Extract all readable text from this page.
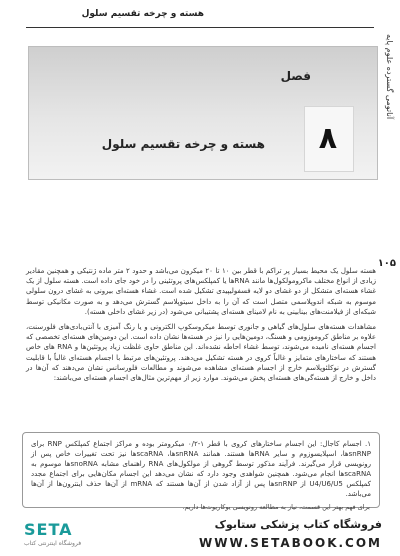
هسته و چرخه تقسیم سلول
آناتومی گسترده علوم پایه
۱۰۵
فصل
۸
هسته و چرخه تقسیم سلول

هسته سلول یک محیط بسیار پر تراکم با قطر بین ۱۰ تا ۲۰ میکرون می‌باشد و حدود ۲ متر ماده ژنتیکی و همچنین مقادیر زیادی از انواع مختلف ماکرومولکول‌ها مانند RNAها یا کمپلکس‌های پروتئینی را در خود جای داده است. هسته سلول از یک غشاء هسته‌ای متشکل از دو غشای دو لایه فسفولیپیدی تشکیل شده است. غشاء هسته‌ای بیرونی به غشای درون سلولی موسوم به شبکه اندوپلاسمی متصل است که آن را به داخل سیتوپلاسم گسترش می‌دهد و به صورت مکانیکی توسط شبکه‌ای از فیلامنت‌های بینابینی به نام لامینای هسته‌ای پشتیبانی می‌شود (در زیر غشای داخلی هسته).

مشاهدات هسته‌های سلول‌های گیاهی و جانوری توسط میکروسکوپ الکترونی و یا رنگ آمیزی با آنتی‌بادی‌های فلورسنت، علاوه بر مناطق کروموزومی و هسنگ، دومین‌هایی را نیز در هسته‌ها نشان داده است. این دومین‌های هسته‌ای تخصصی که اجسام هسته‌ای نامیده می‌شوند، توسط غشاء احاطه نشده‌اند. این مناطق حاوی غلظت زیاد پروتئین‌ها و RNA های خاص هستند که ساختارهای متمایز و غالباً کروی در هسته تشکیل می‌دهند. پروتئین‌های مرتبط با اجسام هسته‌ای غالباً با قابلیت گسترش در نوکلئوپلاسم خارج از اجسام هسته‌ای مشاهده می‌شوند و مطالعات فلورسانس نشان می‌دهند که آن‌ها در داخل و خارج از هسته‌گی‌های هسته‌ای پخش می‌شوند. موارد زیر از مهم‌ترین مثال‌های اجسام هسته‌ای می‌باشند:

۱. اجسام کاجال: این اجسام ساختارهای کروی با قطر ۱-۰/۲ میکرومتر بوده و مراکز اجتماع کمپلکس RNP برای snRNPها، اسپلایسوزوم و سایر RNAها هستند. همانند snRNAها، scaRNAها نیز تحت تغییرات خاص پس از رونویسی قرار می‌گیرند. فرآیند مذکور توسط گروهی از مولکول‌های RNA راهنمای مشابه snoRNA‌ها موسوم به scaRNAها انجام می‌شود. همچنین شواهدی وجود دارد که نشان می‌دهد این اجسام مکان‌هایی برای اجتماع مجدد کمپلکس U4/U6/U5 از snRNPها پس از آزاد شدن از آن‌ها هستند که mRNA از آن‌ها حذف اینترون‌ها از آن‌ها می‌باشد.
برای فهم بهتر این قسمت، نیاز به مطالعه رونویسی یوکاریوت‌ها داریم.
SETA
فروشگاه اینترنتی کتاب
فروشگاه کتاب پزشکی ستابوک
WWW.SETABOOK.COM
